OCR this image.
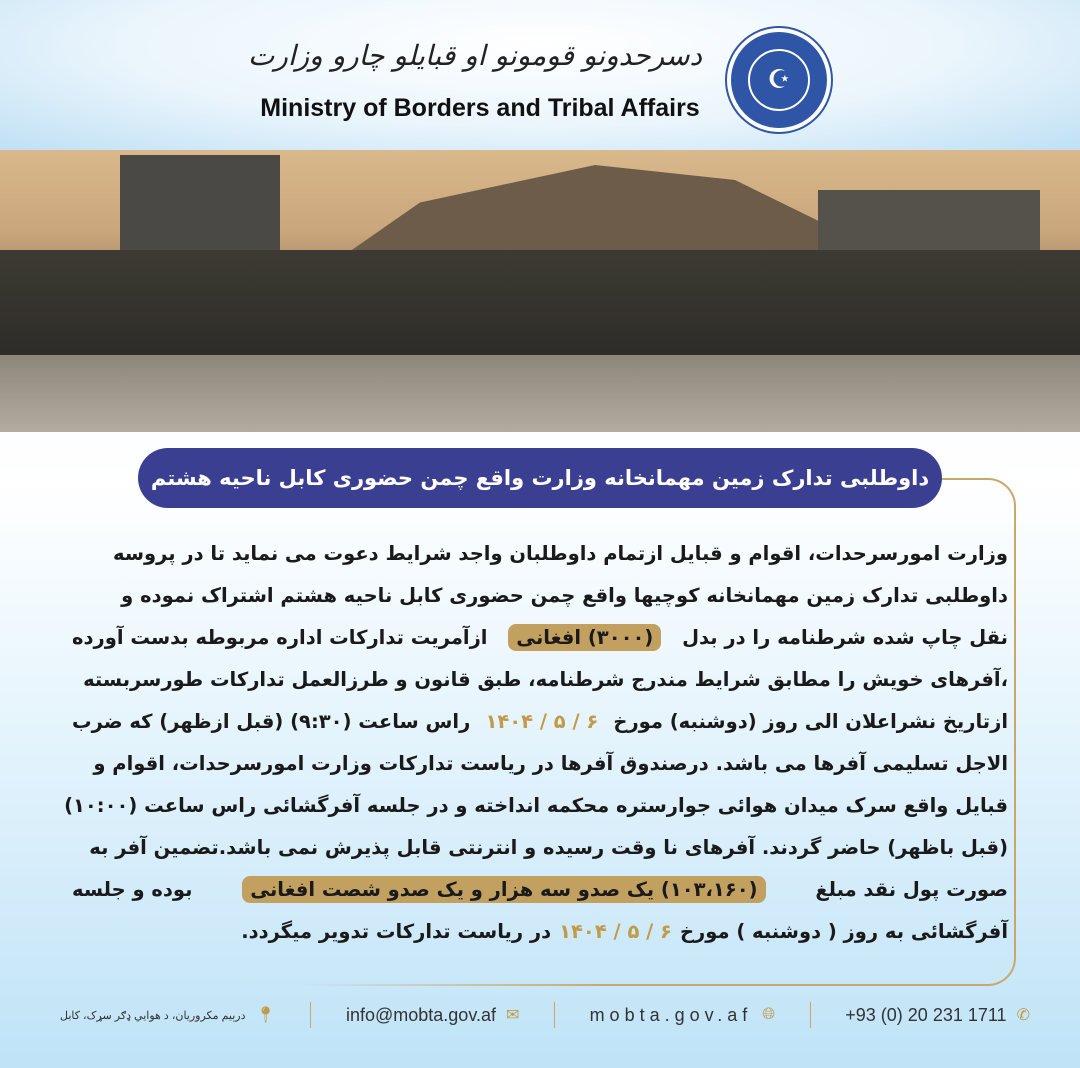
دسرحدونو قومونو او قبایلو چارو وزارت
Ministry of Borders and Tribal Affairs
☪
داوطلبی تدارک زمین مهمانخانه وزارت واقع چمن حضوری کابل ناحیه هشتم
وزارت امورسرحدات، اقوام و قبایل ازتمام داوطلبان واجد شرایط دعوت می نماید تا در پروسه
داوطلبی تدارک زمین مهمانخانه کوچیها واقع چمن حضوری کابل ناحیه هشتم اشتراک نموده و
نقل چاپ شده شرطنامه را در بدل
(۳۰۰۰) افغانی
ازآمریت تدارکات اداره مربوطه بدست آورده
،آفرهای خویش را مطابق شرایط مندرج شرطنامه، طبق قانون و طرزالعمل تدارکات طورسربسته
ازتاریخ نشراعلان الی روز (دوشنبه) مورخ
۶ / ۵ / ۱۴۰۴
راس ساعت (۹:۳۰) (قبل ازظهر) که ضرب
الاجل تسلیمی آفرها می باشد. درصندوق آفرها در ریاست تدارکات وزارت امورسرحدات، اقوام و
قبایل واقع سرک میدان هوائی جوارستره محکمه انداخته و در جلسه آفرگشائی راس ساعت (۱۰:۰۰)
(قبل باظهر) حاضر گردند. آفرهای نا وقت رسیده و انترنتی قابل پذیرش نمی باشد.تضمین آفر به
صورت پول نقد مبلغ
(۱۰۳،۱۶۰) یک صدو سه هزار و یک صدو شصت افغانی
بوده و جلسه
آفرگشائی به روز ( دوشنبه ) مورخ
۶ / ۵ / ۱۴۰۴
در ریاست تدارکات تدویر میگردد.
درېیم مکروریان، د هوايي ډګر سړک، کابل 📍︎	info@mobta.gov.af ✉	mobta.gov.af 🌐︎	+93 (0) 20 231 1711 ✆
